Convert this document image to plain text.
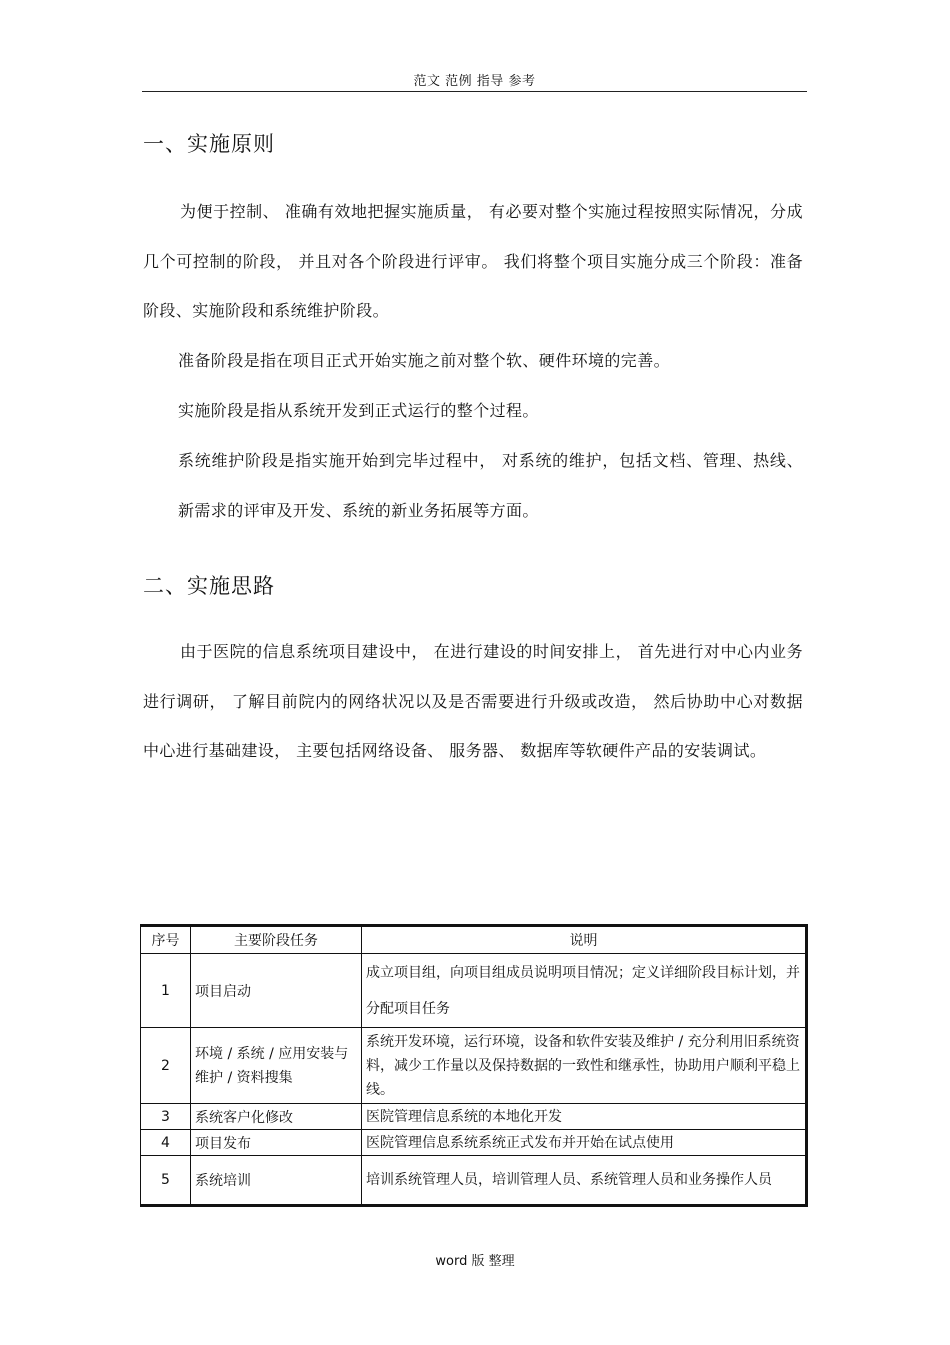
范文 范例 指导 参考
一、实施原则

为便于控制、 准确有效地把握实施质量， 有必要对整个实施过程按照实际情况，分成几个可控制的阶段， 并且对各个阶段进行评审。 我们将整个项目实施分成三个阶段：准备阶段、实施阶段和系统维护阶段。

准备阶段是指在项目正式开始实施之前对整个软、硬件环境的完善。

实施阶段是指从系统开发到正式运行的整个过程。

系统维护阶段是指实施开始到完毕过程中， 对系统的维护，包括文档、管理、热线、新需求的评审及开发、系统的新业务拓展等方面。

二、实施思路

由于医院的信息系统项目建设中， 在进行建设的时间安排上， 首先进行对中心内业务进行调研， 了解目前院内的网络状况以及是否需要进行升级或改造， 然后协助中心对数据中心进行基础建设， 主要包括网络设备、 服务器、 数据库等软硬件产品的安装调试。

序号	主要阶段任务	说明
1	项目启动	成立项目组，向项目组成员说明项目情况；定义详细阶段目标计划，并分配项目任务
2	环境 / 系统 / 应用安装与维护 / 资料搜集	系统开发环境，运行环境，设备和软件安装及维护 / 充分利用旧系统资料，减少工作量以及保持数据的一致性和继承性，协助用户顺利平稳上线。
3	系统客户化修改	医院管理信息系统的本地化开发
4	项目发布	医院管理信息系统系统正式发布并开始在试点使用
5	系统培训	培训系统管理人员，培训管理人员、系统管理人员和业务操作人员
word 版 整理
